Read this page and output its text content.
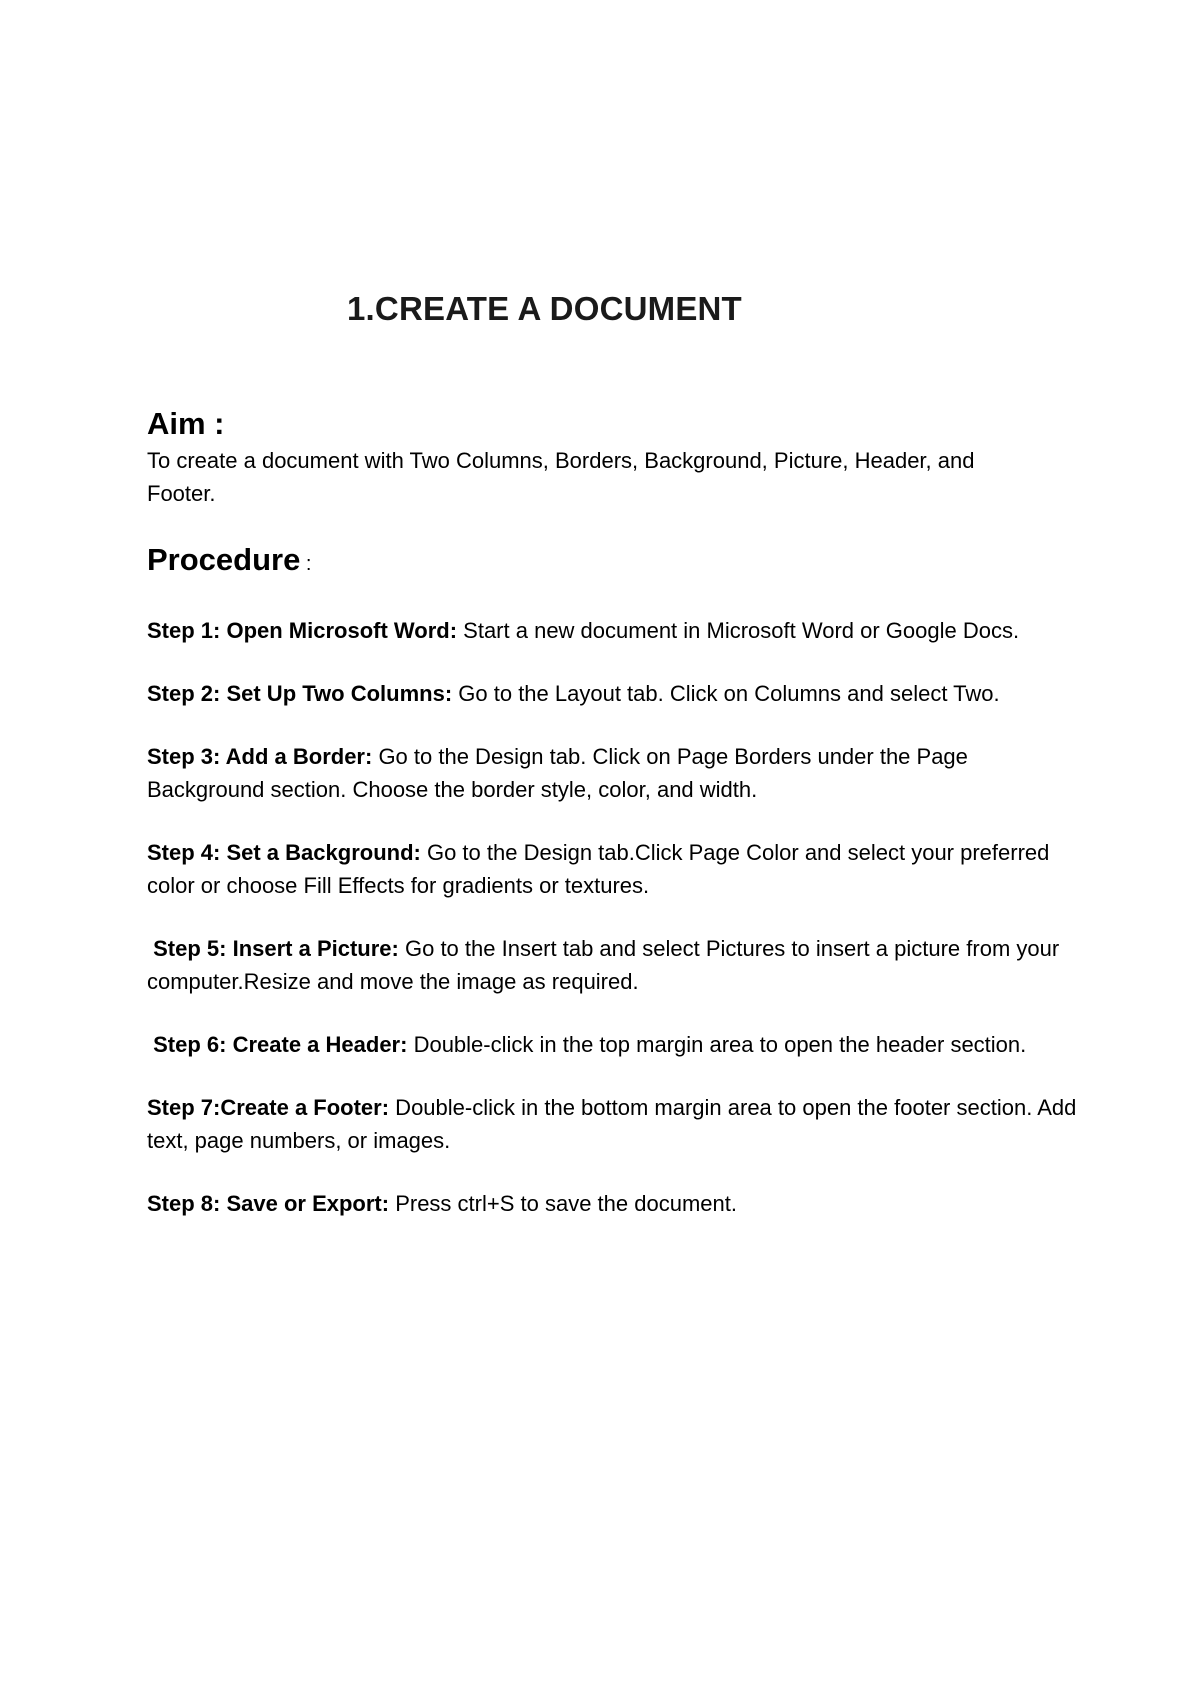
1.CREATE A DOCUMENT
Aim :

To create a document with Two Columns, Borders, Background, Picture, Header, and Footer.

Procedure :

Step 1: Open Microsoft Word: Start a new document in Microsoft Word or Google Docs.

Step 2: Set Up Two Columns: Go to the Layout tab. Click on Columns and select Two.

Step 3: Add a Border: Go to the Design tab. Click on Page Borders under the Page Background section. Choose the border style, color, and width.

Step 4: Set a Background: Go to the Design tab.Click Page Color and select your preferred color or choose Fill Effects for gradients or textures.

Step 5: Insert a Picture: Go to the Insert tab and select Pictures to insert a picture from your computer.Resize and move the image as required.

Step 6: Create a Header: Double-click in the top margin area to open the header section.

Step 7:Create a Footer: Double-click in the bottom margin area to open the footer section. Add text, page numbers, or images.

Step 8: Save or Export: Press ctrl+S to save the document.
